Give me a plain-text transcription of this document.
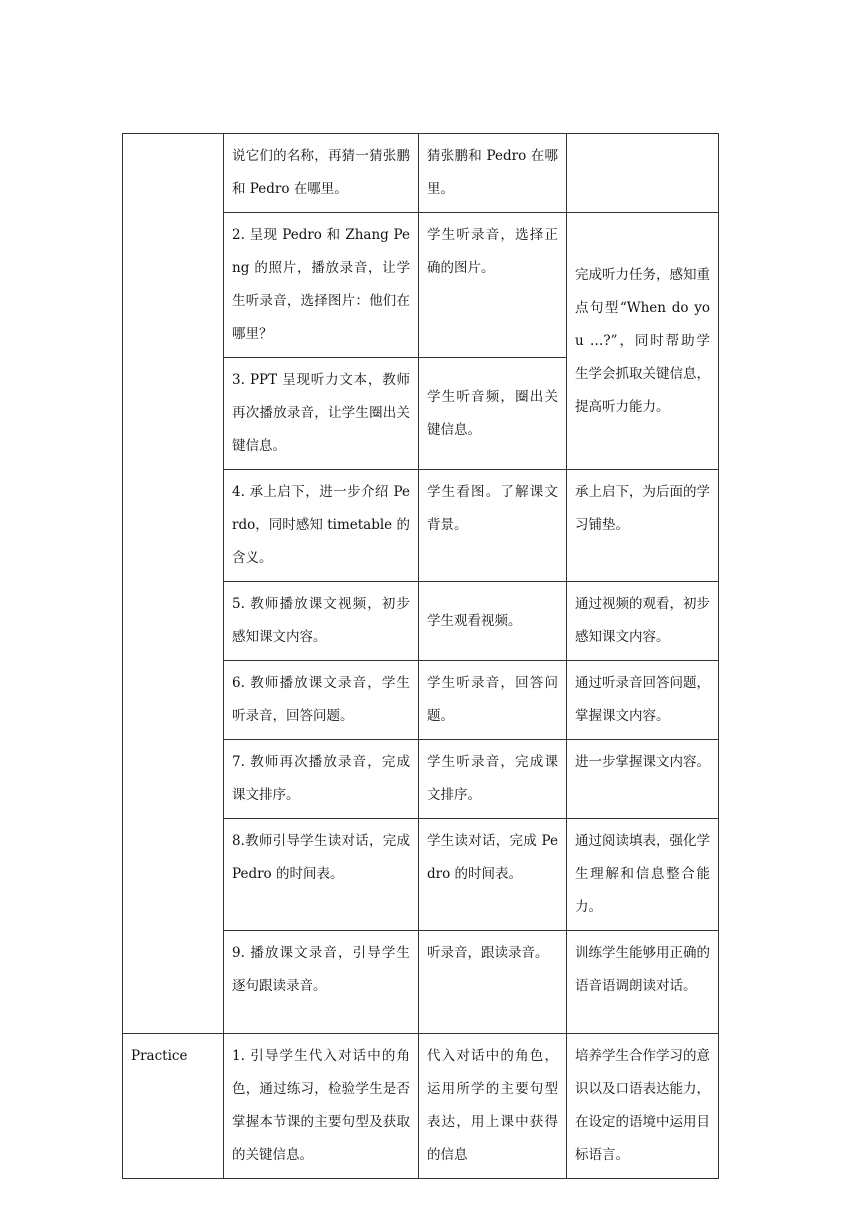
	说它们的名称，再猜一猜张鹏和 Pedro 在哪里。	猜张鹏和 Pedro 在哪里。	
	2. 呈现 Pedro 和 Zhang Peng 的照片，播放录音，让学生听录音，选择图片：他们在哪里？	学生听录音，选择正确的图片。	完成听力任务，感知重点句型“When do you …?”，同时帮助学生学会抓取关键信息，提高听力能力。
	3. PPT 呈现听力文本，教师再次播放录音，让学生圈出关键信息。	学生听音频，圈出关键信息。	
	4. 承上启下，进一步介绍 Perdo，同时感知 timetable 的含义。	学生看图。了解课文背景。	承上启下，为后面的学习铺垫。
	5. 教师播放课文视频，初步感知课文内容。	学生观看视频。	通过视频的观看，初步感知课文内容。
	6. 教师播放课文录音，学生听录音，回答问题。	学生听录音，回答问题。	通过听录音回答问题，掌握课文内容。
	7. 教师再次播放录音，完成课文排序。	学生听录音，完成课文排序。	进一步掌握课文内容。
	8.教师引导学生读对话，完成 Pedro 的时间表。	学生读对话，完成 Pedro 的时间表。	通过阅读填表，强化学生理解和信息整合能力。
	9. 播放课文录音，引导学生逐句跟读录音。	听录音，跟读录音。	训练学生能够用正确的语音语调朗读对话。
Practice	1. 引导学生代入对话中的角色，通过练习，检验学生是否掌握本节课的主要句型及获取的关键信息。	代入对话中的角色，运用所学的主要句型表达，用上课中获得的信息	培养学生合作学习的意识以及口语表达能力，在设定的语境中运用目标语言。
